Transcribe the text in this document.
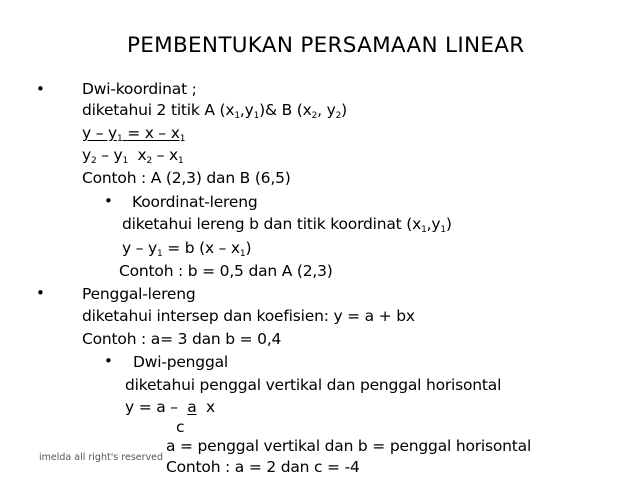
PEMBENTUKAN PERSAMAAN LINEAR
• Dwi-koordinat ;
diketahui 2 titik A $(x_1,y_1)\&$ B ($x_2$, $y_2$)
$y - y_1 = x - x_1$
$y_2 - y_1$ $x_2 - x_1$
Contoh : A (2,3) dan B (6,5)
• Koordinat-lereng
diketahui lereng b dan titik koordinat $(x_1,y_1)$
$y - y_1 = b$ $(x - x_1)$
Contoh : b = 0,5 dan A (2,3)
• Penggal-lereng
diketahui intersep dan koefisien: y = a + bx
Contoh : a= 3 dan b = 0,4
• Dwi-penggal
diketahui penggal vertikal dan penggal horisontal
y = a – a x
c
a = penggal vertikal dan b = penggal horisontal
Contoh : a = 2 dan c = -4
imelda all right's reserved
